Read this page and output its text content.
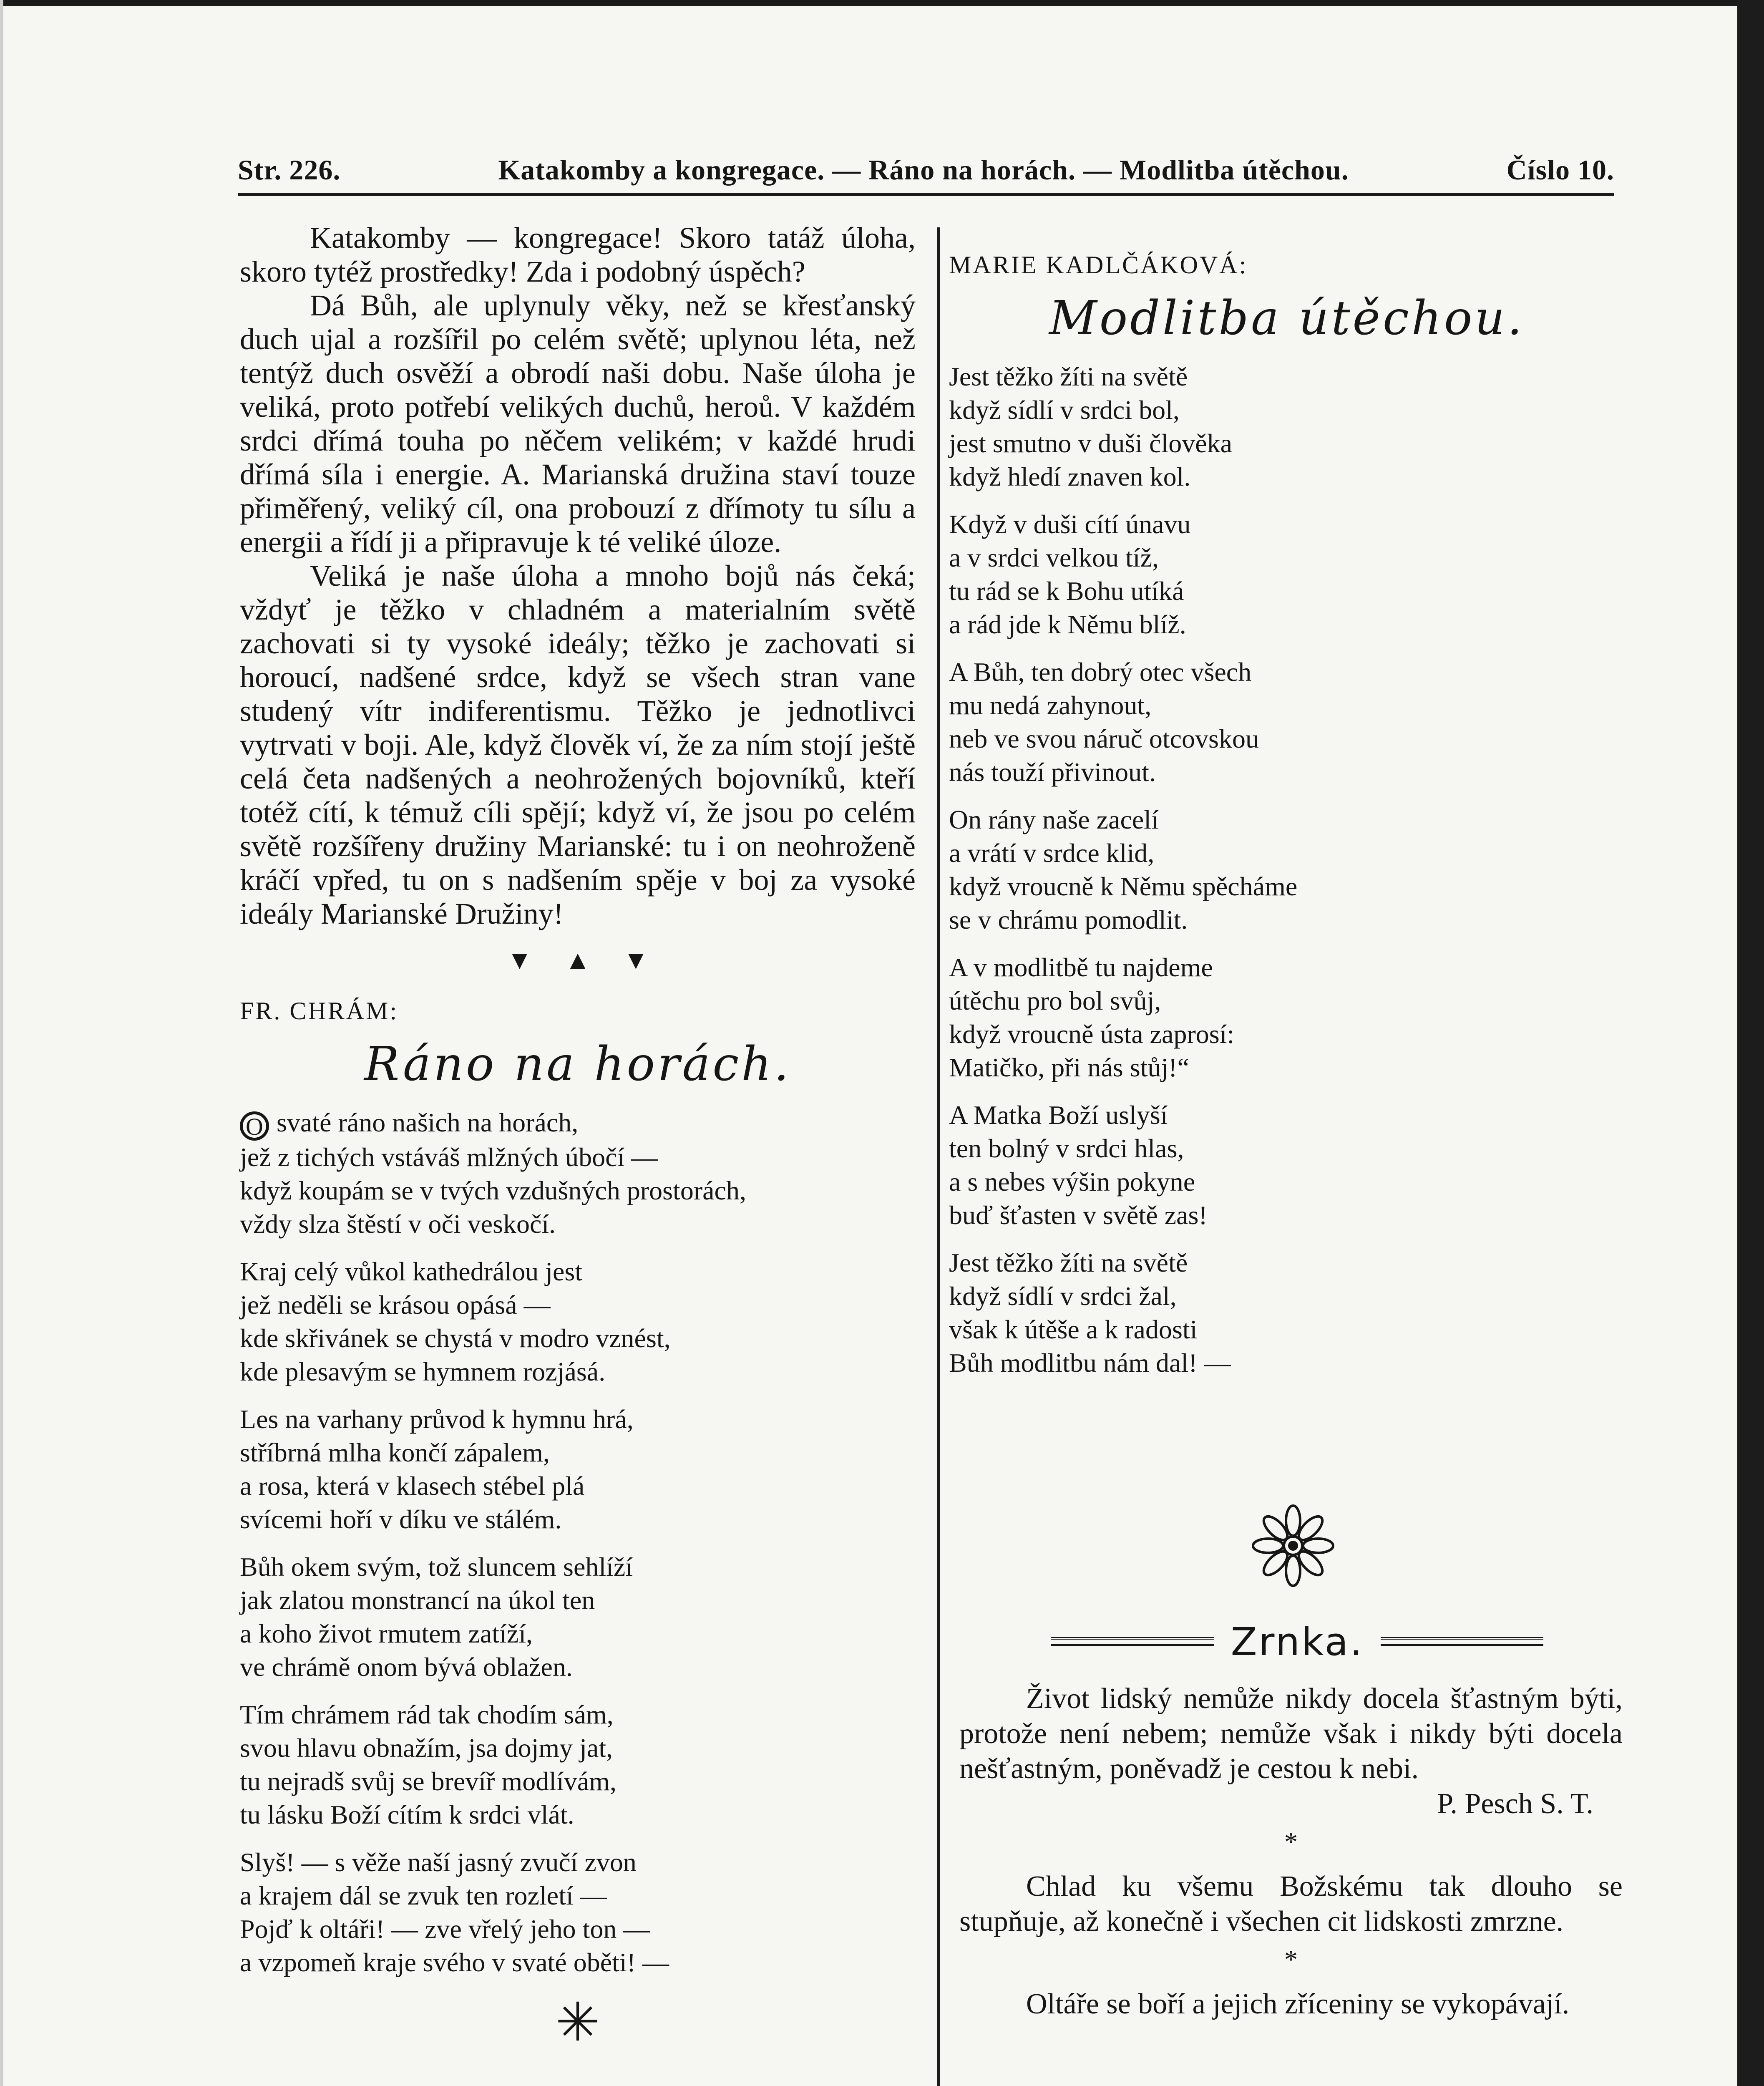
Str. 226.	Katakomby a kongregace. — Ráno na horách. — Modlitba útěchou.	Číslo 10.

Katakomby — kongregace! Skoro tatáž úloha, skoro tytéž prostředky! Zda i podobný úspěch?

Dá Bůh, ale uplynuly věky, než se křesťanský duch ujal a rozšířil po celém světě; uplynou léta, než tentýž duch osvěží a obrodí naši dobu. Naše úloha je veliká, proto potřebí velikých duchů, heroů. V každém srdci dřímá touha po něčem velikém; v každé hrudi dřímá síla i energie. A. Marianská družina staví touze přiměřený, veliký cíl, ona probouzí z dřímoty tu sílu a energii a řídí ji a připravuje k té veliké úloze.

Veliká je naše úloha a mnoho bojů nás čeká; vždyť je těžko v chladném a materialním světě zachovati si ty vysoké ideály; těžko je zachovati si horoucí, nadšené srdce, když se všech stran vane studený vítr indiferentismu. Těžko je jednotlivci vytrvati v boji. Ale, když člověk ví, že za ním stojí ještě celá četa nadšených a neohrožených bojovníků, kteří totéž cítí, k témuž cíli spějí; když ví, že jsou po celém světě rozšířeny družiny Marianské: tu i on neohroženě kráčí vpřed, tu on s nadšením spěje v boj za vysoké ideály Marianské Družiny!

▼ ▲ ▼
FR. CHRÁM:
Ráno na horách.
O svaté ráno našich na horách,
jež z tichých vstáváš mlžných úbočí —
když koupám se v tvých vzdušných prostorách,
vždy slza štěstí v oči veskočí.
Kraj celý vůkol kathedrálou jest
jež neděli se krásou opásá —
kde skřivánek se chystá v modro vznést,
kde plesavým se hymnem rozjásá.
Les na varhany průvod k hymnu hrá,
stříbrná mlha končí zápalem,
a rosa, která v klasech stébel plá
svícemi hoří v díku ve stálém.
Bůh okem svým, tož sluncem sehlíží
jak zlatou monstrancí na úkol ten
a koho život rmutem zatíží,
ve chrámě onom bývá oblažen.
Tím chrámem rád tak chodím sám,
svou hlavu obnažím, jsa dojmy jat,
tu nejradš svůj se brevíř modlívám,
tu lásku Boží cítím k srdci vlát.
Slyš! — s věže naší jasný zvučí zvon
a krajem dál se zvuk ten rozletí —
Pojď k oltáři! — zve vřelý jeho ton —
a vzpomeň kraje svého v svaté oběti! —
✳
MARIE KADLČÁKOVÁ:
Modlitba útěchou.
Jest těžko žíti na světě
když sídlí v srdci bol,
jest smutno v duši člověka
když hledí znaven kol.
Když v duši cítí únavu
a v srdci velkou tíž,
tu rád se k Bohu utíká
a rád jde k Němu blíž.
A Bůh, ten dobrý otec všech
mu nedá zahynout,
neb ve svou náruč otcovskou
nás touží přivinout.
On rány naše zacelí
a vrátí v srdce klid,
když vroucně k Němu spěcháme
se v chrámu pomodlit.
A v modlitbě tu najdeme
útěchu pro bol svůj,
když vroucně ústa zaprosí:
Matičko, při nás stůj!“
A Matka Boží uslyší
ten bolný v srdci hlas,
a s nebes výšin pokyne
buď šťasten v světě zas!
Jest těžko žíti na světě
když sídlí v srdci žal,
však k útěše a k radosti
Bůh modlitbu nám dal! —
Zrnka.

Život lidský nemůže nikdy docela šťastným býti, protože není nebem; nemůže však i nikdy býti docela nešťastným, poněvadž je cestou k nebi.

P. Pesch S. T.

*

Chlad ku všemu Božskému tak dlouho se stupňuje, až konečně i všechen cit lidskosti zmrzne.

*

Oltáře se boří a jejich zříceniny se vykopávají.
